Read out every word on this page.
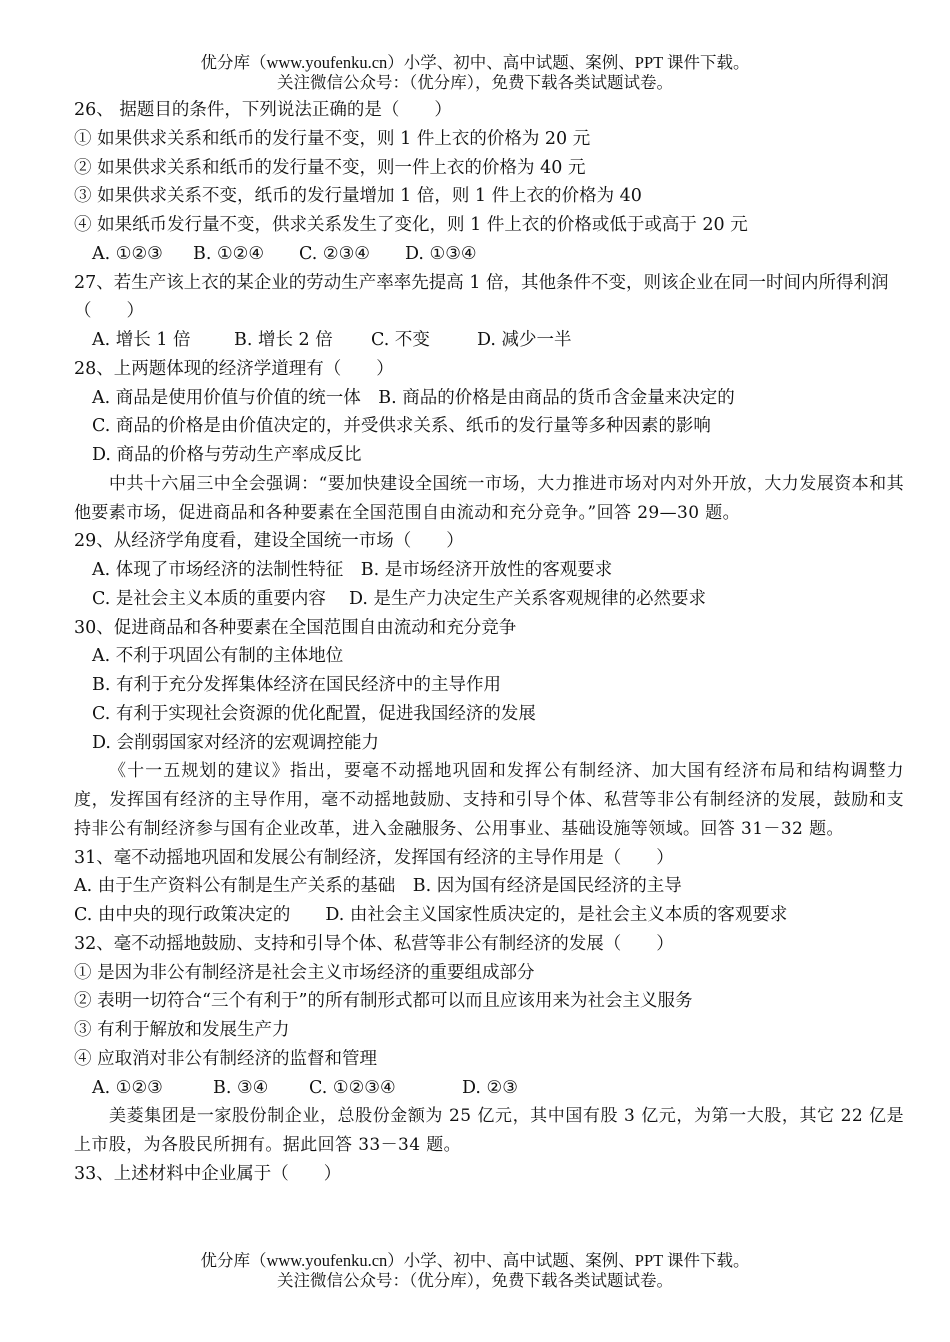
优分库（www.youfenku.cn）小学、初中、高中试题、案例、PPT 课件下载。
关注微信公众号：（优分库），免费下载各类试题试卷。
26、 据题目的条件，下列说法正确的是（　　）
① 如果供求关系和纸币的发行量不变，则 1 件上衣的价格为 20 元
② 如果供求关系和纸币的发行量不变，则一件上衣的价格为 40 元
③ 如果供求关系不变，纸币的发行量增加 1 倍，则 1 件上衣的价格为 40
④ 如果纸币发行量不变，供求关系发生了变化，则 1 件上衣的价格或低于或高于 20 元
A. ①②③ B. ①②④ C. ②③④ D. ①③④
27、若生产该上衣的某企业的劳动生产率率先提高 1 倍，其他条件不变，则该企业在同一时间内所得利润（　　）
A. 增长 1 倍 B. 增长 2 倍 C. 不变	D. 减少一半
28、上两题体现的经济学道理有（　　）
A. 商品是使用价值与价值的统一体　B. 商品的价格是由商品的货币含金量来决定的
C. 商品的价格是由价值决定的，并受供求关系、纸币的发行量等多种因素的影响
D. 商品的价格与劳动生产率成反比
中共十六届三中全会强调：“要加快建设全国统一市场，大力推进市场对内对外开放，大力发展资本和其他要素市场，促进商品和各种要素在全国范围自由流动和充分竞争。”回答 29—30 题。
29、从经济学角度看，建设全国统一市场（　　）
A. 体现了市场经济的法制性特征　B. 是市场经济开放性的客观要求
C. 是社会主义本质的重要内容　 D. 是生产力决定生产关系客观规律的必然要求
30、促进商品和各种要素在全国范围自由流动和充分竞争
A. 不利于巩固公有制的主体地位
B. 有利于充分发挥集体经济在国民经济中的主导作用
C. 有利于实现社会资源的优化配置，促进我国经济的发展
D. 会削弱国家对经济的宏观调控能力
《十一五规划的建议》指出，要毫不动摇地巩固和发挥公有制经济、加大国有经济布局和结构调整力度，发挥国有经济的主导作用，毫不动摇地鼓励、支持和引导个体、私营等非公有制经济的发展，鼓励和支持非公有制经济参与国有企业改革，进入金融服务、公用事业、基础设施等领域。回答 31－32 题。
31、毫不动摇地巩固和发展公有制经济，发挥国有经济的主导作用是（　　）
A. 由于生产资料公有制是生产关系的基础　B. 因为国有经济是国民经济的主导
C. 由中央的现行政策决定的　　D. 由社会主义国家性质决定的，是社会主义本质的客观要求
32、毫不动摇地鼓励、支持和引导个体、私营等非公有制经济的发展（　　）
① 是因为非公有制经济是社会主义市场经济的重要组成部分
② 表明一切符合“三个有利于”的所有制形式都可以而且应该用来为社会主义服务
③ 有利于解放和发展生产力
④ 应取消对非公有制经济的监督和管理
A. ①②③	B. ③④ C. ①②③④	D. ②③
美菱集团是一家股份制企业，总股份金额为 25 亿元，其中国有股 3 亿元，为第一大股，其它 22 亿是上市股，为各股民所拥有。据此回答 33－34 题。
33、上述材料中企业属于（　　）
优分库（www.youfenku.cn）小学、初中、高中试题、案例、PPT 课件下载。
关注微信公众号：（优分库），免费下载各类试题试卷。
